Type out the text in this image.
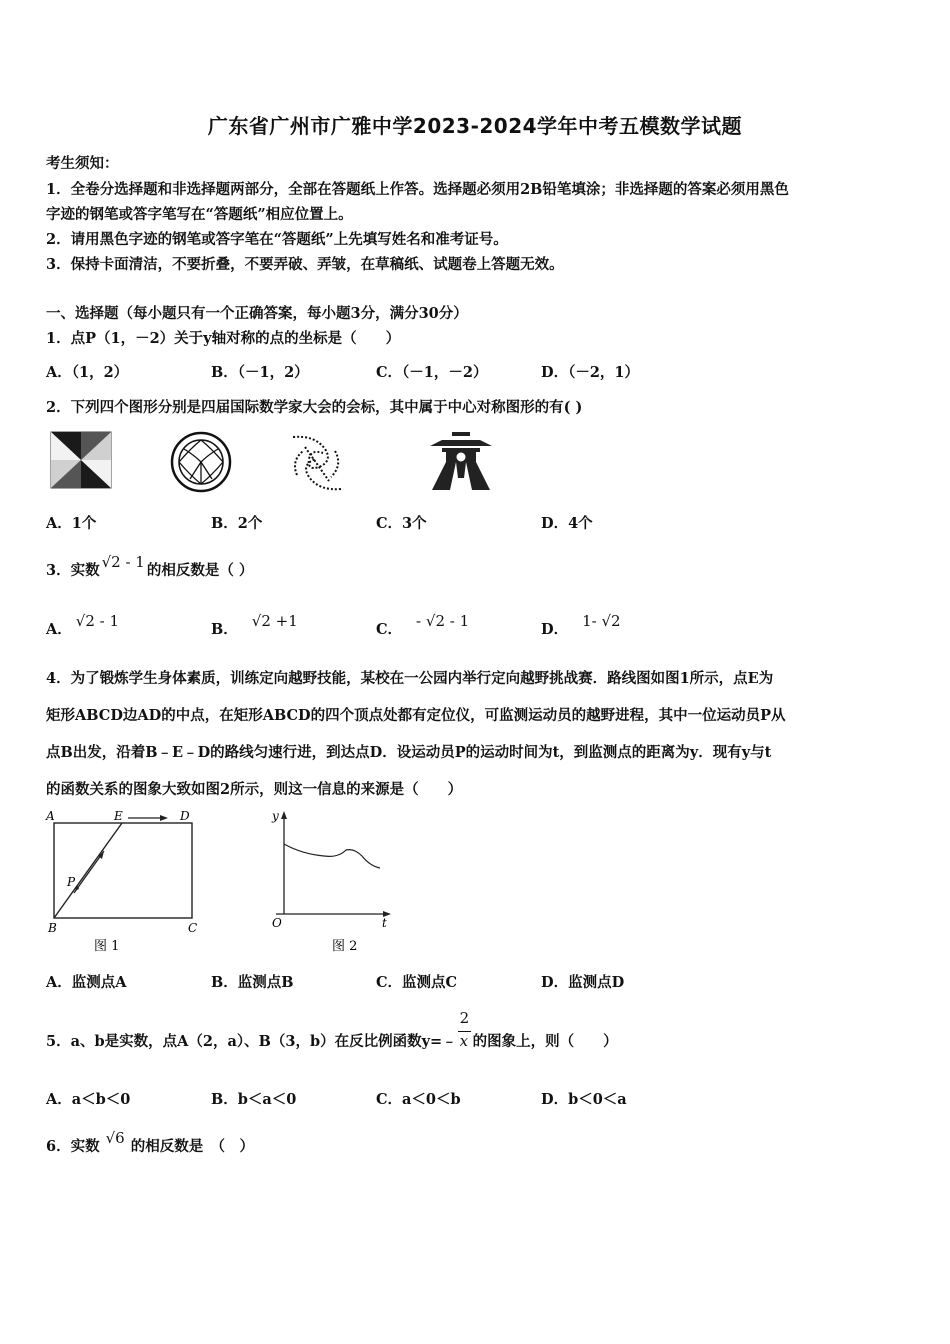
广东省广州市广雅中学2023-2024学年中考五模数学试题
考生须知：
1．全卷分选择题和非选择题两部分，全部在答题纸上作答。选择题必须用2B铅笔填涂；非选择题的答案必须用黑色
字迹的钢笔或答字笔写在“答题纸”相应位置上。
2．请用黑色字迹的钢笔或答字笔在“答题纸”上先填写姓名和准考证号。
3．保持卡面清洁，不要折叠，不要弄破、弄皱，在草稿纸、试题卷上答题无效。
一、选择题（每小题只有一个正确答案，每小题3分，满分30分）
1．点P（1，－2）关于y轴对称的点的坐标是（　　）
A．（1，2）	B．（－1，2）	C．（－1，－2）	D．（－2，1）
2．下列四个图形分别是四届国际数学家大会的会标，其中属于中心对称图形的有( )
A．1个	B．2个	C．3个	D．4个
3．实数 √2 - 1 的相反数是（ ）
A． √2 - 1	B． √2 +1	C． - √2 - 1	D． 1- √2
4．为了锻炼学生身体素质，训练定向越野技能，某校在一公园内举行定向越野挑战赛．路线图如图1所示，点E为
矩形ABCD边AD的中点，在矩形ABCD的四个顶点处都有定位仪，可监测运动员的越野进程，其中一位运动员P从
点B出发，沿着B﹣E﹣D的路线匀速行进，到达点D．设运动员P的运动时间为t，到监测点的距离为y．现有y与t
的函数关系的图象大致如图2所示，则这一信息的来源是（　　）
A	E	D
P
B	C
图 1
y
O	t
图 2
A．监测点A	B．监测点B	C．监测点C	D．监测点D
5．a、b是实数，点A（2，a）、B（3，b）在反比例函数y=﹣ $\frac{2}{x}$ 的图象上，则（　　）
A．a＜b＜0	B．b＜a＜0	C．a＜0＜b	D．b＜0＜a
6．实数 √6 的相反数是　（　）
